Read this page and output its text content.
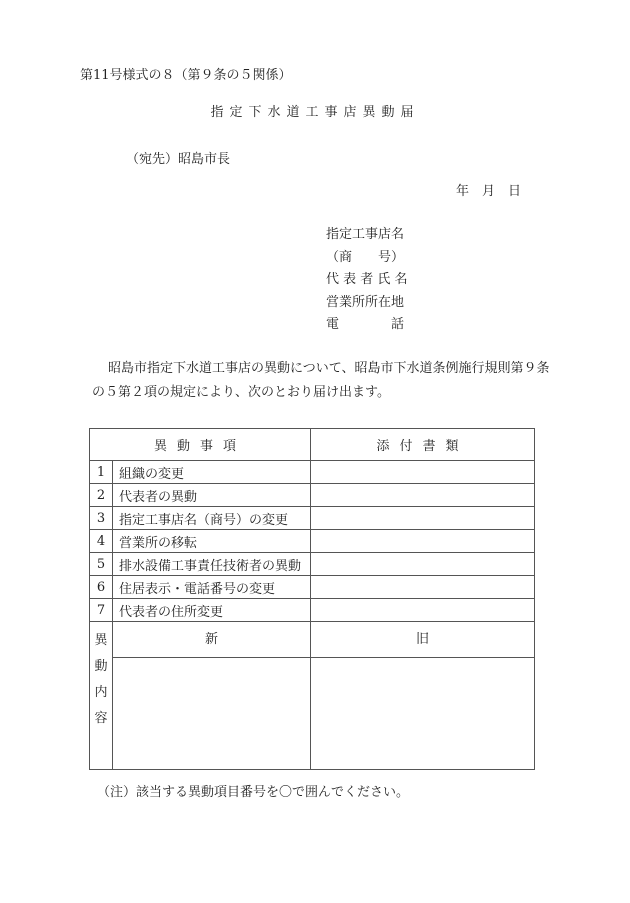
第11号様式の８（第９条の５関係）
指定下水道工事店異動届
（宛先）昭島市長
年　月　日
指定工事店名
（商　　号）
代 表 者 氏 名
営業所所在地
電　　　　話
昭島市指定下水道工事店の異動について、昭島市下水道条例施行規則第９条の５第２項の規定により、次のとおり届け出ます。
異動事項		添付書類
1	組織の変更	
2	代表者の異動	
3	指定工事店名（商号）の変更	
4	営業所の移転	
5	排水設備工事責任技術者の異動	
6	住居表示・電話番号の変更	
7	代表者の住所変更	

異
動
内
容	新	旧

（注）該当する異動項目番号を〇で囲んでください。
